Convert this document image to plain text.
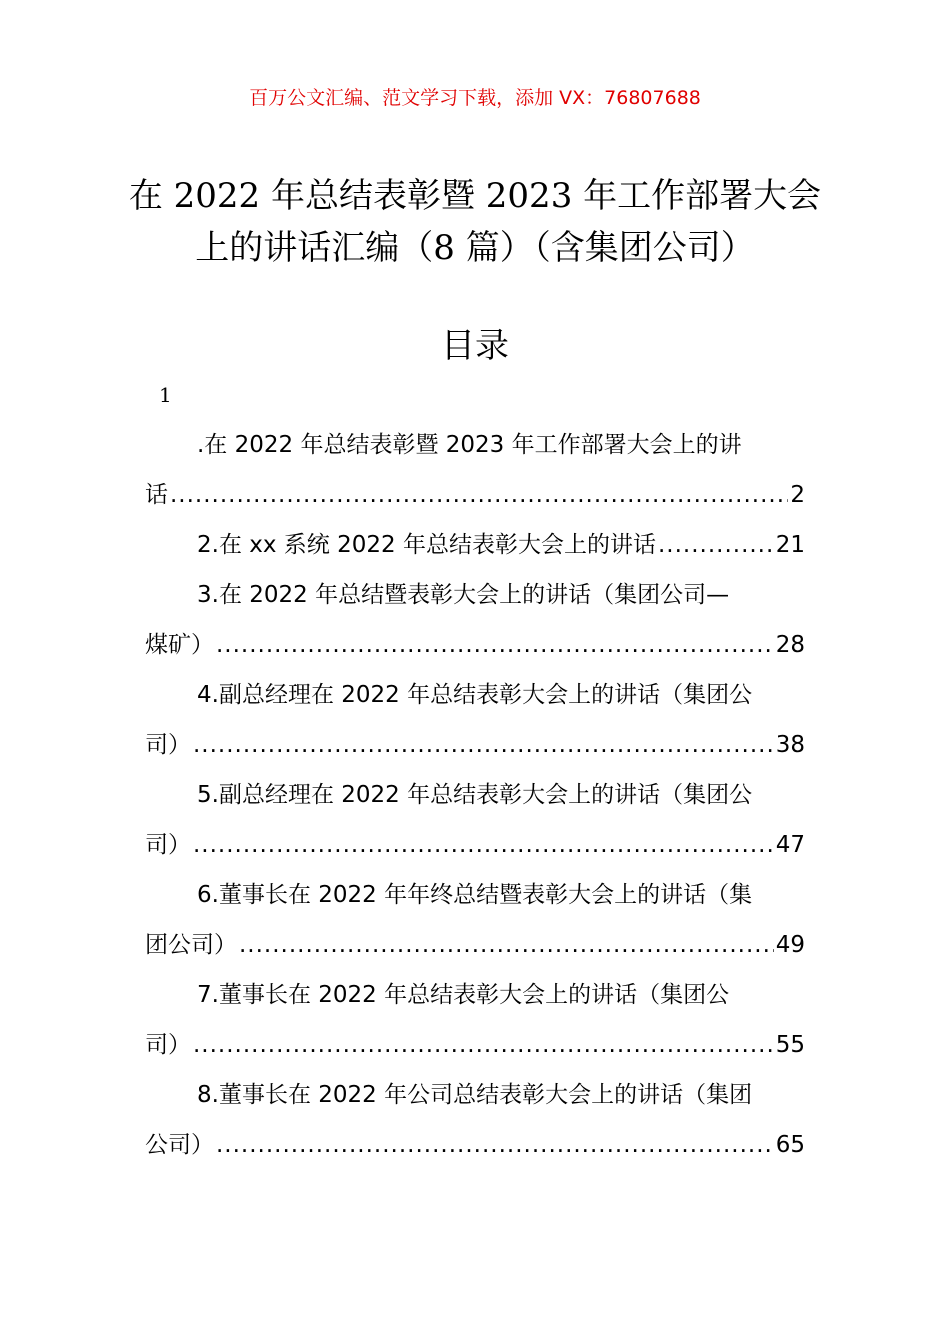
百万公文汇编、范文学习下载，添加 VX：76807688
在 2022 年总结表彰暨 2023 年工作部署大会上的讲话汇编（8 篇）（含集团公司）
目录
1
.在 2022 年总结表彰暨 2023 年工作部署大会上的讲
话 .....	2
2.在 xx 系统 2022 年总结表彰大会上的讲话 .....	21
3.在 2022 年总结暨表彰大会上的讲话（集团公司—
煤矿） .....	28
4.副总经理在 2022 年总结表彰大会上的讲话（集团公
司） .....	38
5.副总经理在 2022 年总结表彰大会上的讲话（集团公
司） .....	47
6.董事长在 2022 年年终总结暨表彰大会上的讲话（集
团公司） .....	49
7.董事长在 2022 年总结表彰大会上的讲话（集团公
司） .....	55
8.董事长在 2022 年公司总结表彰大会上的讲话（集团
公司） .....	65
